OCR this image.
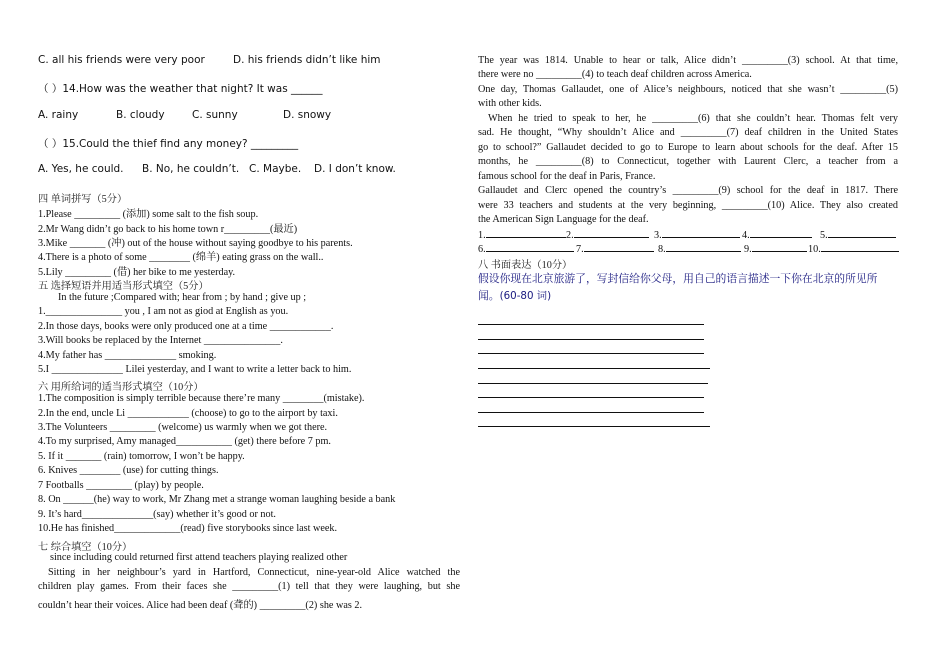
C. all his friends were very poor	D. his friends didn’t like him
（ ）14.How was the weather that night? It was ______
A. rainy	B. cloudy	C. sunny	D. snowy
（ ）15.Could the thief find any money? _________
A. Yes, he could. B. No, he couldn’t. C. Maybe. D. I don’t know.
四 单词拼写（5分）
1.Please _________ (添加) some salt to the fish soup.
2.Mr Wang didn’t go back to his home town r_________(最近)
3.Mike _______ (冲) out of the house without saying goodbye to his parents.
4.There is a photo of some ________ (绵羊) eating grass on the wall..
5.Lily _________ (借) her bike to me yesterday.
五 选择短语并用适当形式填空（5分）
In the future ;Compared with; hear from ; by hand ; give up ;
1._______________ you , I am not as giod at English as you.
2.In those days, books were only produced one at a time ____________.
3.Will books be replaced by the Internet _______________.
4.My father has ______________ smoking.
5.I ______________ Lilei yesterday, and I want to write a letter back to him.
六 用所给词的适当形式填空（10分）
1.The composition is simply terrible because there’re many ________(mistake).
2.In the end, uncle Li ____________ (choose) to go to the airport by taxi.
3.The Volunteers _________ (welcome) us warmly when we got there.
4.To my surprised, Amy managed___________ (get) there before 7 pm.
5. If it _______ (rain) tomorrow, I won’t be happy.
6. Knives ________ (use) for cutting things.
7 Footballs _________ (play) by people.
8. On ______(he) way to work, Mr Zhang met a strange woman laughing beside a bank
9. It’s hard______________(say) whether it’s good or not.
10.He has finished_____________(read) five storybooks since last week.
七 综合填空（10分）
since including could returned first attend teachers playing realized other
Sitting in her neighbour’s yard in Hartford, Connecticut, nine-year-old Alice watched the
children play games. From their faces she _________(1) tell that they were laughing, but she
couldn’t hear their voices. Alice had been deaf (聋的) _________(2) she was 2.
The year was 1814. Unable to hear or talk, Alice didn’t _________(3) school. At that time,
there were no _________(4) to teach deaf children across America.
One day, Thomas Gallaudet, one of Alice’s neighbours, noticed that she wasn’t _________(5)
with other kids.
When he tried to speak to her, he _________(6) that she couldn’t hear. Thomas felt very
sad. He thought, “Why shouldn’t Alice and _________(7) deaf children in the United States
go to school?” Gallaudet decided to go to Europe to learn about schools for the deaf. After 15
months, he _________(8) to Connecticut, together with Laurent Clerc, a teacher from a
famous school for the deaf in Paris, France.
Gallaudet and Clerc opened the country’s _________(9) school for the deaf in 1817. There
were 33 teachers and students at the very beginning, _________(10) Alice. They also created
the American Sign Language for the deaf.
1.	2.	3.	4.	5.
6.	7.	8.	9.	10.
八 书面表达（10分）
假设你现在北京旅游了，写封信给你父母，用自己的语言描述一下你在北京的所见所
闻。(60-80 词)
